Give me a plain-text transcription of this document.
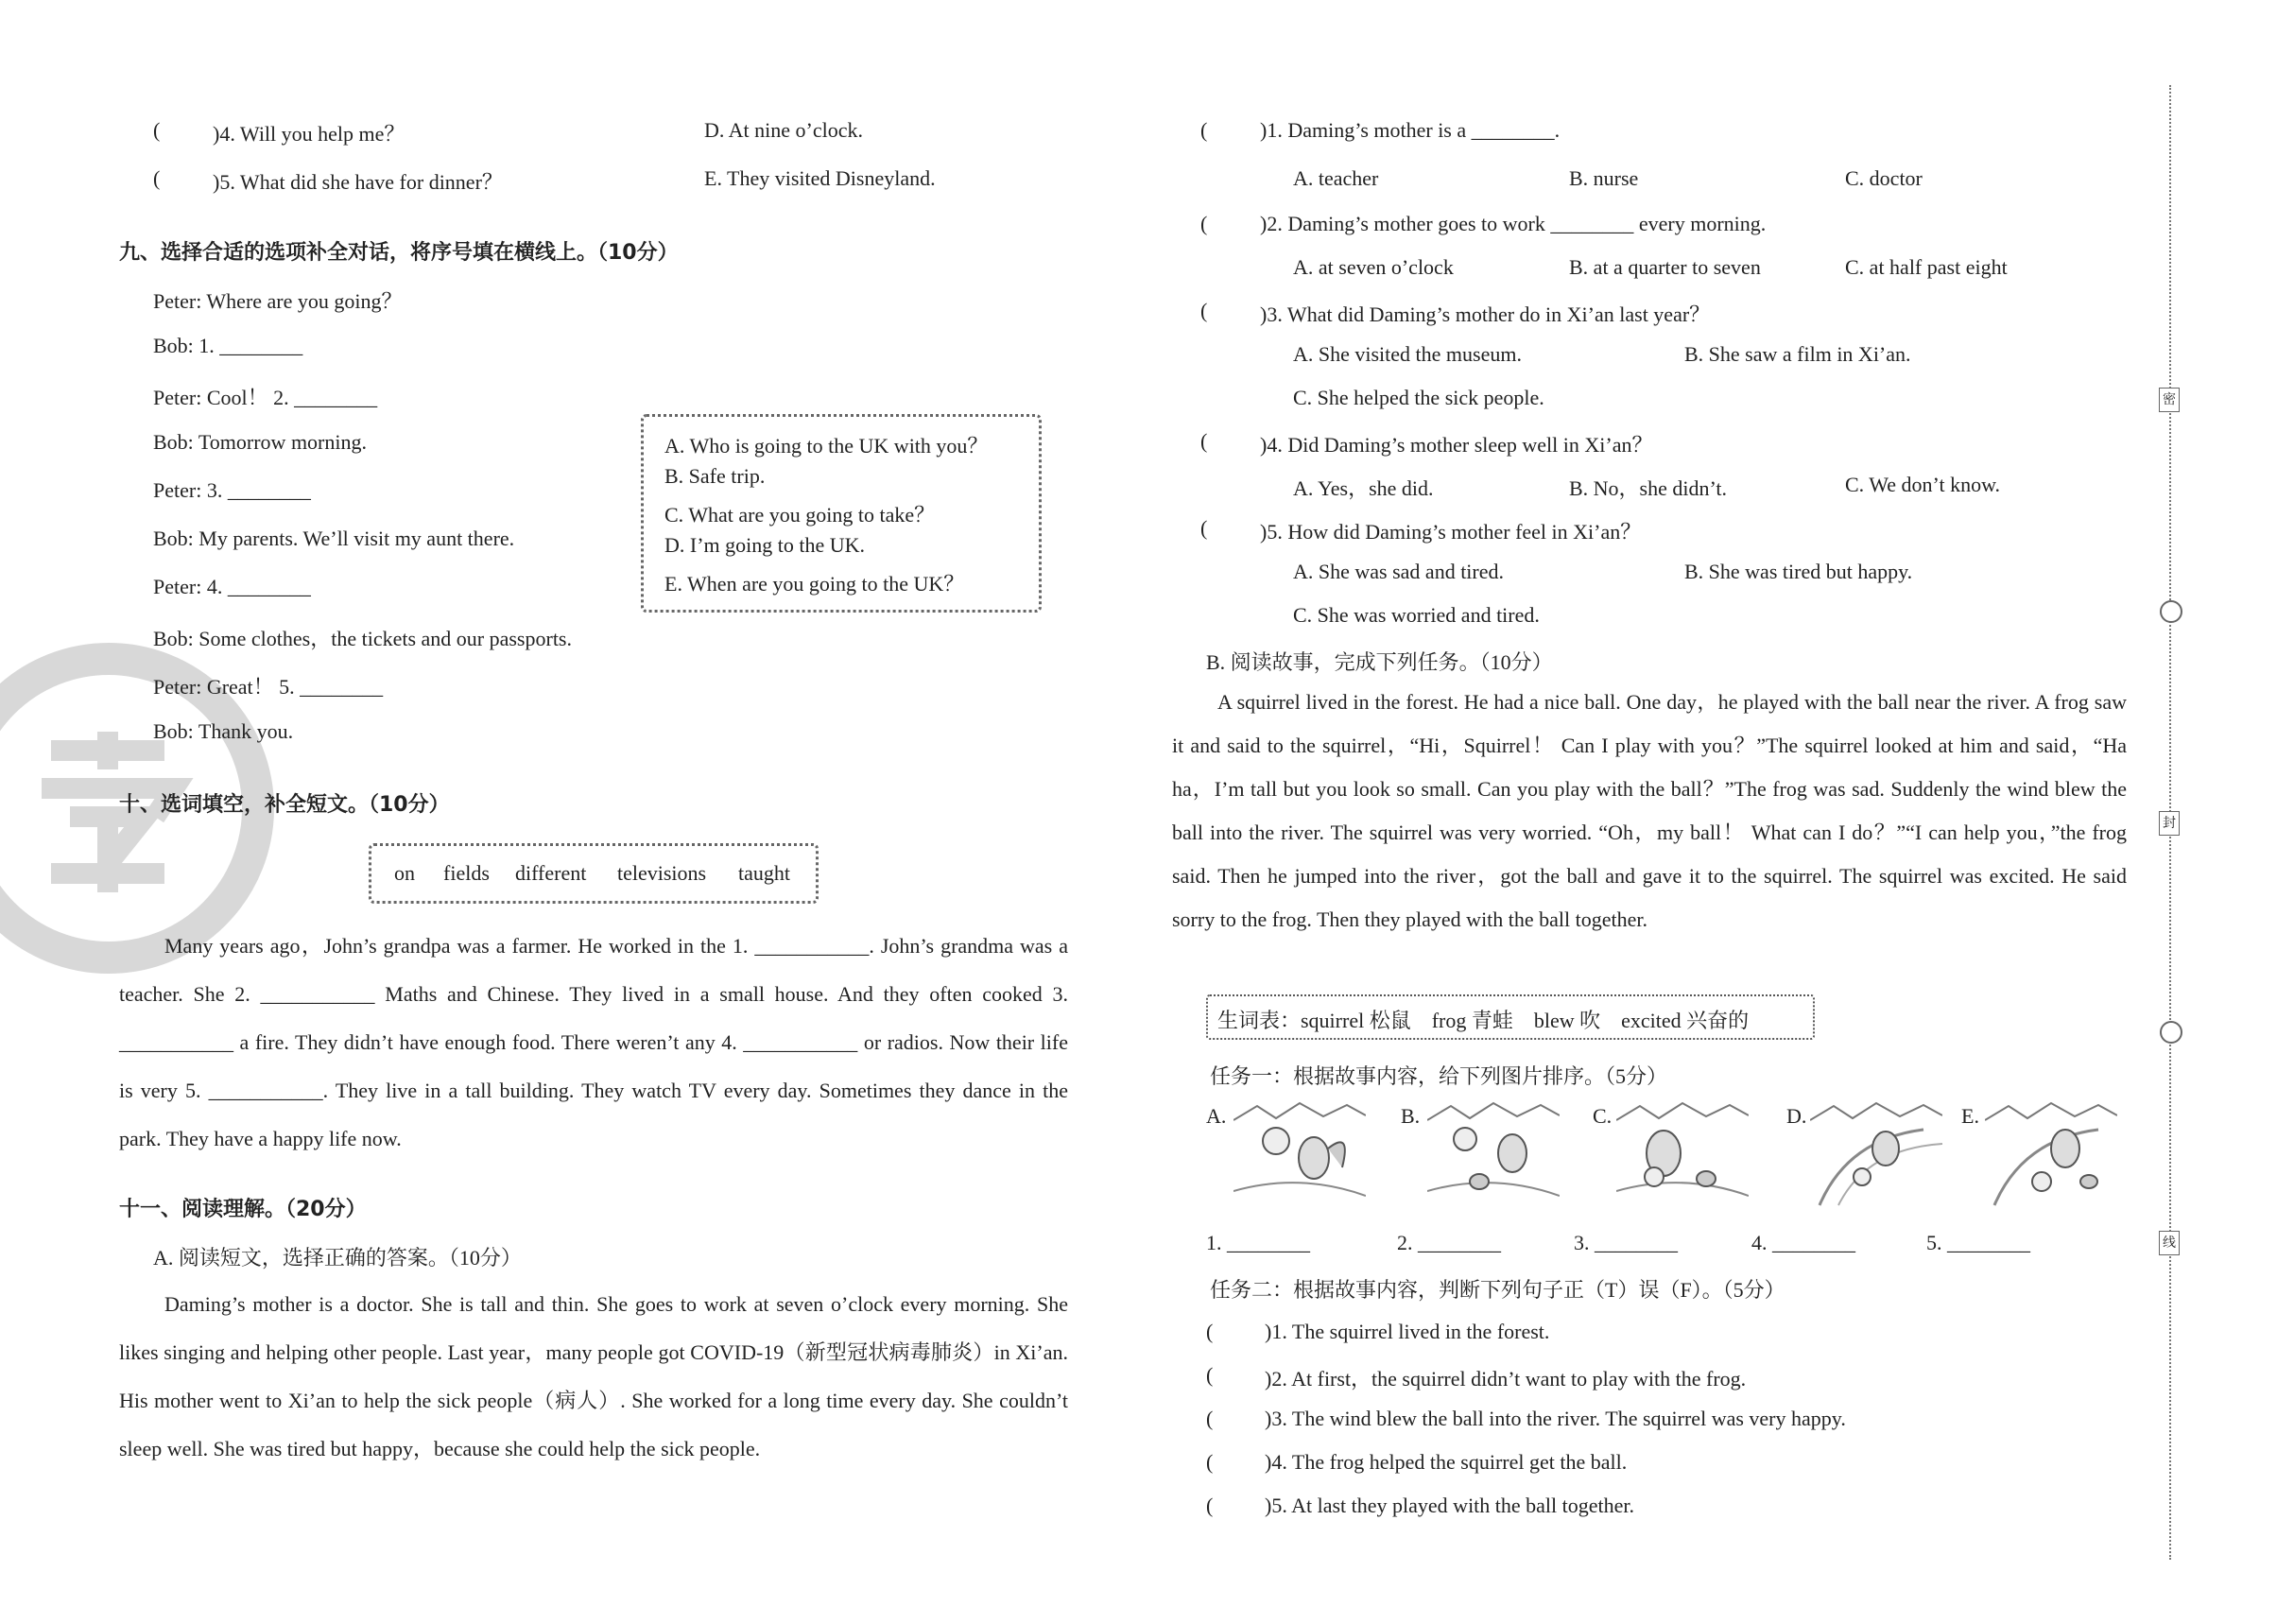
(	)4. Will you help me？	D. At nine o’clock.
(	)5. What did she have for dinner？	E. They visited Disneyland.
九、选择合适的选项补全对话，将序号填在横线上。（10分）
Peter: Where are you going？
Bob: 1. ________
Peter: Cool！ 2. ________
Bob: Tomorrow morning.
Peter: 3. ________
Bob: My parents. We’ll visit my aunt there.
Peter: 4. ________
Bob: Some clothes，the tickets and our passports.
Peter: Great！ 5. ________
Bob: Thank you.
A. Who is going to the UK with you？
B. Safe trip.
C. What are you going to take？
D. I’m going to the UK.
E. When are you going to the UK？
十、选词填空，补全短文。（10分）
on fields different televisions taught
Many years ago，John’s grandpa was a farmer. He worked in the 1. ___________. John’s grandma was a teacher. She 2. ___________ Maths and Chinese. They lived in a small house. And they often cooked 3. ___________ a fire. They didn’t have enough food. There weren’t any 4. ___________ or radios. Now their life is very 5. ___________. They live in a tall building. They watch TV every day. Sometimes they dance in the park. They have a happy life now.
十一、阅读理解。（20分）
A. 阅读短文，选择正确的答案。（10分）
Daming’s mother is a doctor. She is tall and thin. She goes to work at seven o’clock every morning. She likes singing and helping other people. Last year，many people got COVID-19（新型冠状病毒肺炎）in Xi’an. His mother went to Xi’an to help the sick people（病人）. She worked for a long time every day. She couldn’t sleep well. She was tired but happy，because she could help the sick people.
(	)1. Daming’s mother is a ________.
A. teacher	B. nurse	C. doctor
(	)2. Daming’s mother goes to work ________ every morning.
A. at seven o’clock	B. at a quarter to seven	C. at half past eight
(	)3. What did Daming’s mother do in Xi’an last year？
A. She visited the museum.	B. She saw a film in Xi’an.
C. She helped the sick people.
(	)4. Did Daming’s mother sleep well in Xi’an？
A. Yes，she did.	B. No，she didn’t.	C. We don’t know.
(	)5. How did Daming’s mother feel in Xi’an？
A. She was sad and tired.	B. She was tired but happy.
C. She was worried and tired.
B. 阅读故事，完成下列任务。（10分）
A squirrel lived in the forest. He had a nice ball. One day，he played with the ball near the river. A frog saw it and said to the squirrel，“Hi，Squirrel！ Can I play with you？”The squirrel looked at him and said，“Ha ha，I’m tall but you look so small. Can you play with the ball？”The frog was sad. Suddenly the wind blew the ball into the river. The squirrel was very worried. “Oh，my ball！ What can I do？”“I can help you，”the frog said. Then he jumped into the river，got the ball and gave it to the squirrel. The squirrel was excited. He said sorry to the frog. Then they played with the ball together.
生词表：squirrel 松鼠　frog 青蛙　blew 吹　excited 兴奋的
任务一：根据故事内容，给下列图片排序。（5分）
A.	B.	C.	D.	E.
1. ________	2. ________	3. ________	4. ________	5. ________
任务二：根据故事内容，判断下列句子正（T）误（F）。（5分）
( )1. The squirrel lived in the forest.
( )2. At first，the squirrel didn’t want to play with the frog.
( )3. The wind blew the ball into the river. The squirrel was very happy.
( )4. The frog helped the squirrel get the ball.
( )5. At last they played with the ball together.
密
封
线
